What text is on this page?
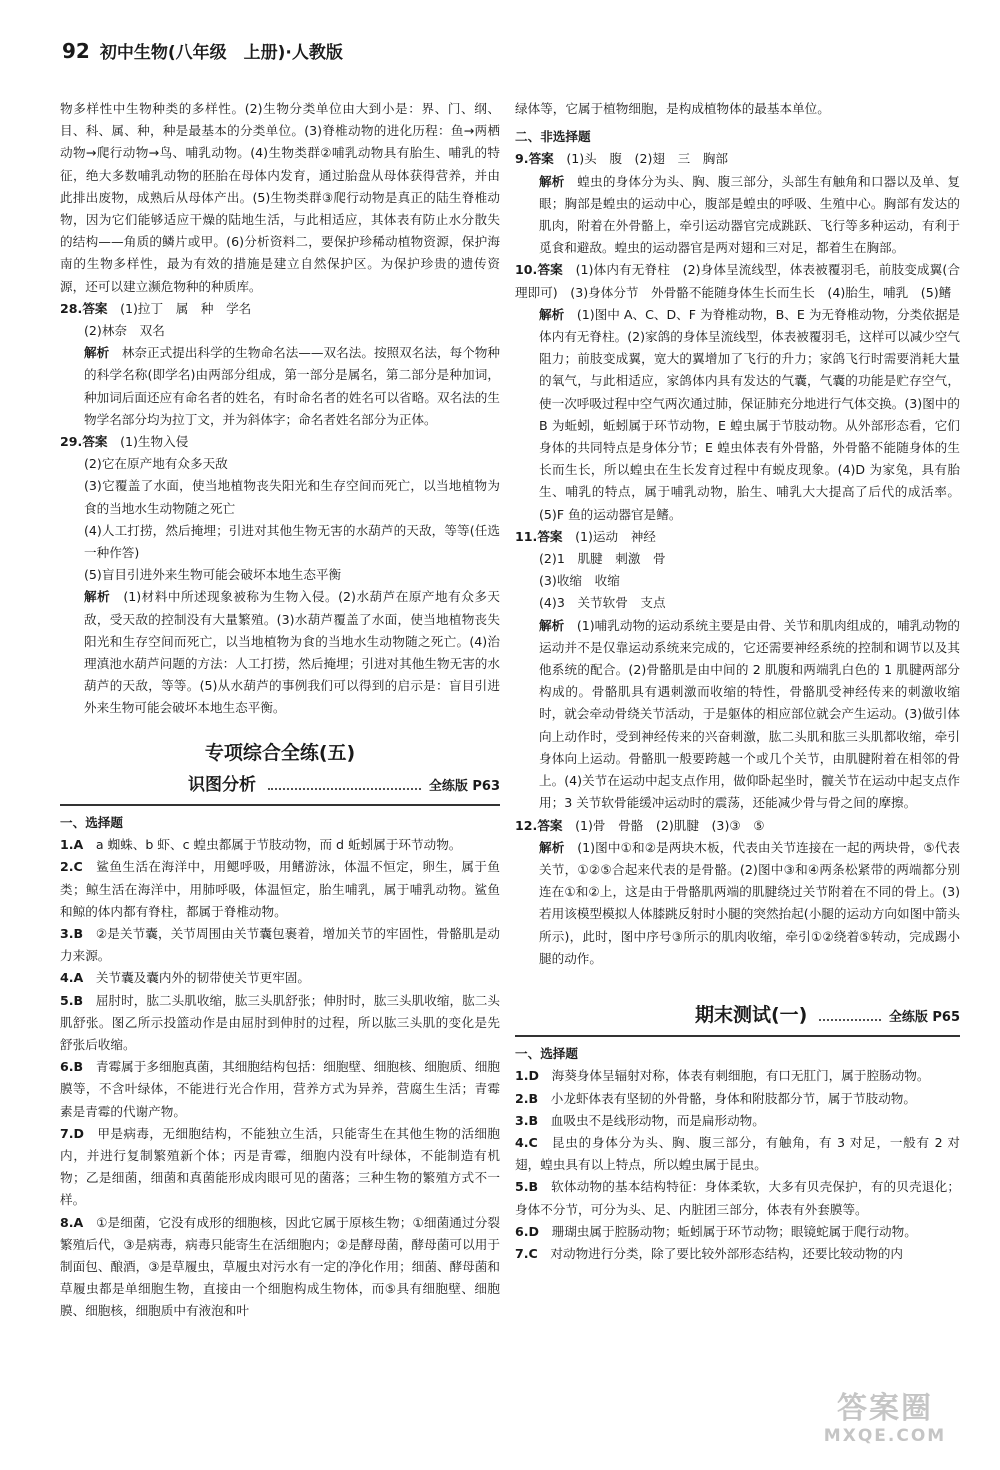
92 初中生物(八年级　上册)·人教版

物多样性中生物种类的多样性。(2)生物分类单位由大到小是：界、门、纲、目、科、属、种，种是最基本的分类单位。(3)脊椎动物的进化历程：鱼→两栖动物→爬行动物→鸟、哺乳动物。(4)生物类群②哺乳动物具有胎生、哺乳的特征，绝大多数哺乳动物的胚胎在母体内发育，通过胎盘从母体获得营养，并由此排出废物，成熟后从母体产出。(5)生物类群③爬行动物是真正的陆生脊椎动物，因为它们能够适应干燥的陆地生活，与此相适应，其体表有防止水分散失的结构——角质的鳞片或甲。(6)分析资料二，要保护珍稀动植物资源，保护海南的生物多样性，最为有效的措施是建立自然保护区。为保护珍贵的遗传资源，还可以建立濒危物种的种质库。

28.答案　 (1)拉丁　属　种　学名

(2)林奈　双名

解析　 林奈正式提出科学的生物命名法——双名法。按照双名法，每个物种的科学名称(即学名)由两部分组成，第一部分是属名，第二部分是种加词，种加词后面还应有命名者的姓名，有时命名者的姓名可以省略。双名法的生物学名部分均为拉丁文，并为斜体字；命名者姓名部分为正体。

29.答案　 (1)生物入侵

(2)它在原产地有众多天敌

(3)它覆盖了水面，使当地植物丧失阳光和生存空间而死亡，以当地植物为食的当地水生动物随之死亡

(4)人工打捞，然后掩埋；引进对其他生物无害的水葫芦的天敌，等等(任选一种作答)

(5)盲目引进外来生物可能会破坏本地生态平衡

解析　 (1)材料中所述现象被称为生物入侵。(2)水葫芦在原产地有众多天敌，受天敌的控制没有大量繁殖。(3)水葫芦覆盖了水面，使当地植物丧失阳光和生存空间而死亡，以当地植物为食的当地水生动物随之死亡。(4)治理滇池水葫芦问题的方法：人工打捞，然后掩埋；引进对其他生物无害的水葫芦的天敌，等等。(5)从水葫芦的事例我们可以得到的启示是：盲目引进外来生物可能会破坏本地生态平衡。

专项综合全练(五)
识图分析	全练版 P63

一、选择题

1.A　 a 蜘蛛、b 虾、c 蝗虫都属于节肢动物，而 d 蚯蚓属于环节动物。

2.C　 鲨鱼生活在海洋中，用鳃呼吸，用鳍游泳，体温不恒定，卵生，属于鱼类；鲸生活在海洋中，用肺呼吸，体温恒定，胎生哺乳，属于哺乳动物。鲨鱼和鲸的体内都有脊柱，都属于脊椎动物。

3.B　 ②是关节囊，关节周围由关节囊包裹着，增加关节的牢固性，骨骼肌是动力来源。

4.A　 关节囊及囊内外的韧带使关节更牢固。

5.B　 屈肘时，肱二头肌收缩，肱三头肌舒张；伸肘时，肱三头肌收缩，肱二头肌舒张。图乙所示投篮动作是由屈肘到伸肘的过程，所以肱三头肌的变化是先舒张后收缩。

6.B　 青霉属于多细胞真菌，其细胞结构包括：细胞壁、细胞核、细胞质、细胞膜等，不含叶绿体，不能进行光合作用，营养方式为异养，营腐生生活；青霉素是青霉的代谢产物。

7.D　 甲是病毒，无细胞结构，不能独立生活，只能寄生在其他生物的活细胞内，并进行复制繁殖新个体；丙是青霉，细胞内没有叶绿体，不能制造有机物；乙是细菌，细菌和真菌能形成肉眼可见的菌落；三种生物的繁殖方式不一样。

8.A　 ①是细菌，它没有成形的细胞核，因此它属于原核生物；①细菌通过分裂繁殖后代，③是病毒，病毒只能寄生在活细胞内；②是酵母菌，酵母菌可以用于制面包、酿酒，③是草履虫，草履虫对污水有一定的净化作用；细菌、酵母菌和草履虫都是单细胞生物，直接由一个细胞构成生物体，而⑤具有细胞壁、细胞膜、细胞核，细胞质中有液泡和叶

绿体等，它属于植物细胞，是构成植物体的最基本单位。

二、非选择题

9.答案　 (1)头　腹　(2)翅　三　胸部

解析　 蝗虫的身体分为头、胸、腹三部分，头部生有触角和口器以及单、复眼；胸部是蝗虫的运动中心，腹部是蝗虫的呼吸、生殖中心。胸部有发达的肌肉，附着在外骨骼上，牵引运动器官完成跳跃、飞行等多种运动，有利于觅食和避敌。蝗虫的运动器官是两对翅和三对足，都着生在胸部。

10.答案　 (1)体内有无脊柱　(2)身体呈流线型，体表被覆羽毛，前肢变成翼(合理即可)　(3)身体分节　外骨骼不能随身体生长而生长　(4)胎生，哺乳　(5)鳍

解析　 (1)图中 A、C、D、F 为脊椎动物，B、E 为无脊椎动物，分类依据是体内有无脊柱。(2)家鸽的身体呈流线型，体表被覆羽毛，这样可以减少空气阻力；前肢变成翼，宽大的翼增加了飞行的升力；家鸽飞行时需要消耗大量的氧气，与此相适应，家鸽体内具有发达的气囊，气囊的功能是贮存空气，使一次呼吸过程中空气两次通过肺，保证肺充分地进行气体交换。(3)图中的 B 为蚯蚓，蚯蚓属于环节动物，E 蝗虫属于节肢动物。从外部形态看，它们身体的共同特点是身体分节；E 蝗虫体表有外骨骼，外骨骼不能随身体的生长而生长，所以蝗虫在生长发育过程中有蜕皮现象。(4)D 为家兔，具有胎生、哺乳的特点，属于哺乳动物，胎生、哺乳大大提高了后代的成活率。(5)F 鱼的运动器官是鳍。

11.答案　 (1)运动　神经

(2)1　肌腱　刺激　骨

(3)收缩　收缩

(4)3　关节软骨　支点

解析　 (1)哺乳动物的运动系统主要是由骨、关节和肌肉组成的，哺乳动物的运动并不是仅靠运动系统来完成的，它还需要神经系统的控制和调节以及其他系统的配合。(2)骨骼肌是由中间的 2 肌腹和两端乳白色的 1 肌腱两部分构成的。骨骼肌具有遇刺激而收缩的特性，骨骼肌受神经传来的刺激收缩时，就会牵动骨绕关节活动，于是躯体的相应部位就会产生运动。(3)做引体向上动作时，受到神经传来的兴奋刺激，肱二头肌和肱三头肌都收缩，牵引身体向上运动。骨骼肌一般要跨越一个或几个关节，由肌腱附着在相邻的骨上。(4)关节在运动中起支点作用，做仰卧起坐时，髋关节在运动中起支点作用；3 关节软骨能缓冲运动时的震荡，还能减少骨与骨之间的摩擦。

12.答案　 (1)骨　骨骼　(2)肌腱　(3)③　⑤

解析　 (1)图中①和②是两块木板，代表由关节连接在一起的两块骨，⑤代表关节，①②⑤合起来代表的是骨骼。(2)图中③和④两条松紧带的两端都分别连在①和②上，这是由于骨骼肌两端的肌腱绕过关节附着在不同的骨上。(3)若用该模型模拟人体膝跳反射时小腿的突然抬起(小腿的运动方向如图中箭头所示)，此时，图中序号③所示的肌肉收缩，牵引①②绕着⑤转动，完成踢小腿的动作。

期末测试(一)	全练版 P65

一、选择题

1.D　 海葵身体呈辐射对称，体表有刺细胞，有口无肛门，属于腔肠动物。

2.B　 小龙虾体表有坚韧的外骨骼，身体和附肢都分节，属于节肢动物。

3.B　 血吸虫不是线形动物，而是扁形动物。

4.C　 昆虫的身体分为头、胸、腹三部分，有触角，有 3 对足，一般有 2 对翅，蝗虫具有以上特点，所以蝗虫属于昆虫。

5.B　 软体动物的基本结构特征：身体柔软，大多有贝壳保护，有的贝壳退化；身体不分节，可分为头、足、内脏团三部分，体表有外套膜等。

6.D　 珊瑚虫属于腔肠动物；蚯蚓属于环节动物；眼镜蛇属于爬行动物。

7.C　 对动物进行分类，除了要比较外部形态结构，还要比较动物的内

答案圈
MXQE.COM
